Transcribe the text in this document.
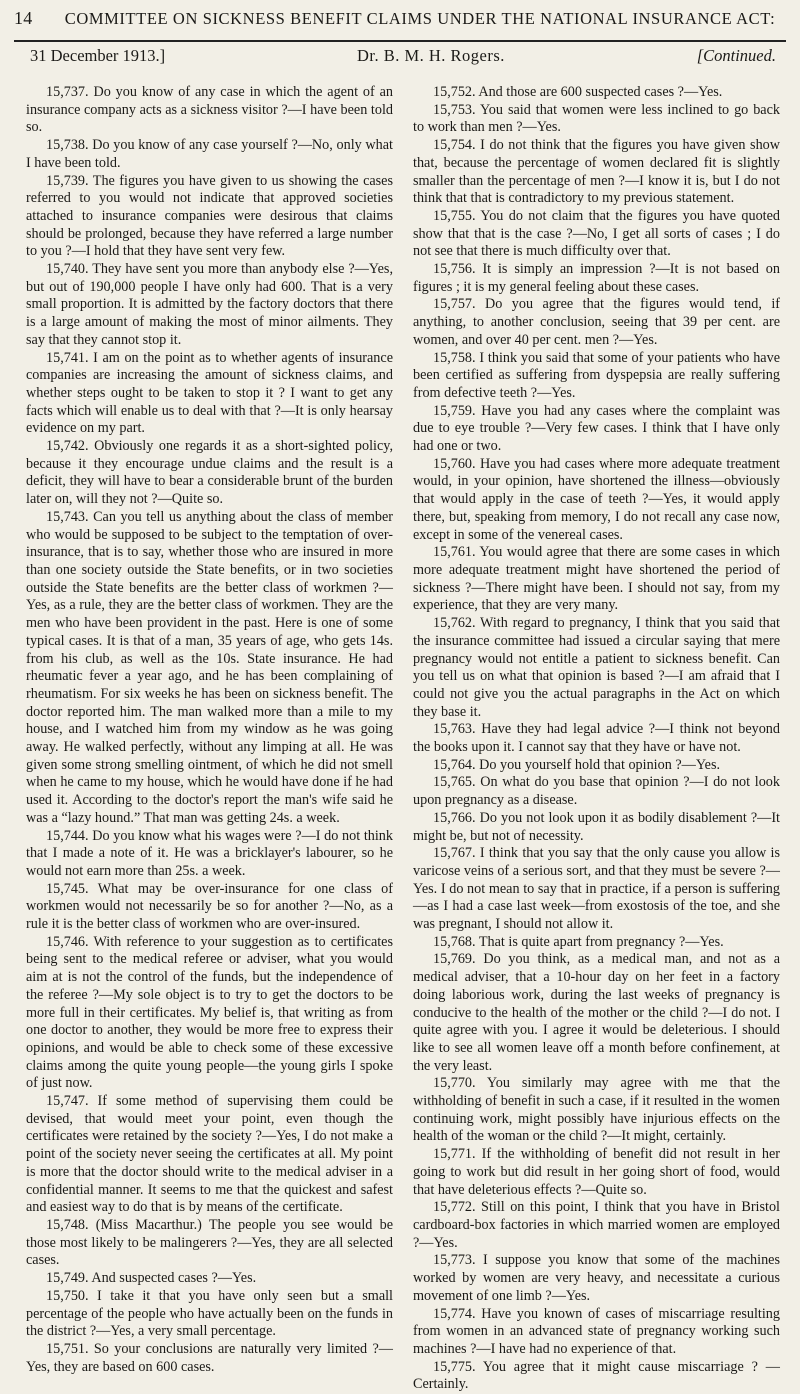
14	COMMITTEE ON SICKNESS BENEFIT CLAIMS UNDER THE NATIONAL INSURANCE ACT:
31 December 1913.]	Dr. B. M. H. Rogers.	[Continued.

15,737. Do you know of any case in which the agent of an insurance company acts as a sickness visitor ?—I have been told so.

15,738. Do you know of any case yourself ?—No, only what I have been told.

15,739. The figures you have given to us showing the cases referred to you would not indicate that approved societies attached to insurance companies were desirous that claims should be prolonged, because they have referred a large number to you ?—I hold that they have sent very few.

15,740. They have sent you more than anybody else ?—Yes, but out of 190,000 people I have only had 600. That is a very small proportion. It is admitted by the factory doctors that there is a large amount of making the most of minor ailments. They say that they cannot stop it.

15,741. I am on the point as to whether agents of insurance companies are increasing the amount of sickness claims, and whether steps ought to be taken to stop it ? I want to get any facts which will enable us to deal with that ?—It is only hearsay evidence on my part.

15,742. Obviously one regards it as a short-sighted policy, because it they encourage undue claims and the result is a deficit, they will have to bear a considerable brunt of the burden later on, will they not ?—Quite so.

15,743. Can you tell us anything about the class of member who would be supposed to be subject to the temptation of over-insurance, that is to say, whether those who are insured in more than one society outside the State benefits, or in two societies outside the State benefits are the better class of workmen ?—Yes, as a rule, they are the better class of workmen. They are the men who have been provident in the past. Here is one of some typical cases. It is that of a man, 35 years of age, who gets 14s. from his club, as well as the 10s. State insurance. He had rheumatic fever a year ago, and he has been complaining of rheumatism. For six weeks he has been on sickness benefit. The doctor reported him. The man walked more than a mile to my house, and I watched him from my window as he was going away. He walked perfectly, without any limping at all. He was given some strong smelling ointment, of which he did not smell when he came to my house, which he would have done if he had used it. According to the doctor's report the man's wife said he was a “lazy hound.” That man was getting 24s. a week.

15,744. Do you know what his wages were ?—I do not think that I made a note of it. He was a bricklayer's labourer, so he would not earn more than 25s. a week.

15,745. What may be over-insurance for one class of workmen would not necessarily be so for another ?—No, as a rule it is the better class of workmen who are over-insured.

15,746. With reference to your suggestion as to certificates being sent to the medical referee or adviser, what you would aim at is not the control of the funds, but the independence of the referee ?—My sole object is to try to get the doctors to be more full in their certificates. My belief is, that writing as from one doctor to another, they would be more free to express their opinions, and would be able to check some of these excessive claims among the quite young people—the young girls I spoke of just now.

15,747. If some method of supervising them could be devised, that would meet your point, even though the certificates were retained by the society ?—Yes, I do not make a point of the society never seeing the certificates at all. My point is more that the doctor should write to the medical adviser in a confidential manner. It seems to me that the quickest and safest and easiest way to do that is by means of the certificate.

15,748. (Miss Macarthur.) The people you see would be those most likely to be malingerers ?—Yes, they are all selected cases.

15,749. And suspected cases ?—Yes.

15,750. I take it that you have only seen but a small percentage of the people who have actually been on the funds in the district ?—Yes, a very small percentage.

15,751. So your conclusions are naturally very limited ?—Yes, they are based on 600 cases.

15,752. And those are 600 suspected cases ?—Yes.

15,753. You said that women were less inclined to go back to work than men ?—Yes.

15,754. I do not think that the figures you have given show that, because the percentage of women declared fit is slightly smaller than the percentage of men ?—I know it is, but I do not think that that is contradictory to my previous statement.

15,755. You do not claim that the figures you have quoted show that that is the case ?—No, I get all sorts of cases ; I do not see that there is much difficulty over that.

15,756. It is simply an impression ?—It is not based on figures ; it is my general feeling about these cases.

15,757. Do you agree that the figures would tend, if anything, to another conclusion, seeing that 39 per cent. are women, and over 40 per cent. men ?—Yes.

15,758. I think you said that some of your patients who have been certified as suffering from dyspepsia are really suffering from defective teeth ?—Yes.

15,759. Have you had any cases where the complaint was due to eye trouble ?—Very few cases. I think that I have only had one or two.

15,760. Have you had cases where more adequate treatment would, in your opinion, have shortened the illness—obviously that would apply in the case of teeth ?—Yes, it would apply there, but, speaking from memory, I do not recall any case now, except in some of the venereal cases.

15,761. You would agree that there are some cases in which more adequate treatment might have shortened the period of sickness ?—There might have been. I should not say, from my experience, that they are very many.

15,762. With regard to pregnancy, I think that you said that the insurance committee had issued a circular saying that mere pregnancy would not entitle a patient to sickness benefit. Can you tell us on what that opinion is based ?—I am afraid that I could not give you the actual paragraphs in the Act on which they base it.

15,763. Have they had legal advice ?—I think not beyond the books upon it. I cannot say that they have or have not.

15,764. Do you yourself hold that opinion ?—Yes.

15,765. On what do you base that opinion ?—I do not look upon pregnancy as a disease.

15,766. Do you not look upon it as bodily disablement ?—It might be, but not of necessity.

15,767. I think that you say that the only cause you allow is varicose veins of a serious sort, and that they must be severe ?—Yes. I do not mean to say that in practice, if a person is suffering—as I had a case last week—from exostosis of the toe, and she was pregnant, I should not allow it.

15,768. That is quite apart from pregnancy ?—Yes.

15,769. Do you think, as a medical man, and not as a medical adviser, that a 10-hour day on her feet in a factory doing laborious work, during the last weeks of pregnancy is conducive to the health of the mother or the child ?—I do not. I quite agree with you. I agree it would be deleterious. I should like to see all women leave off a month before confinement, at the very least.

15,770. You similarly may agree with me that the withholding of benefit in such a case, if it resulted in the women continuing work, might possibly have injurious effects on the health of the woman or the child ?—It might, certainly.

15,771. If the withholding of benefit did not result in her going to work but did result in her going short of food, would that have deleterious effects ?—Quite so.

15,772. Still on this point, I think that you have in Bristol cardboard-box factories in which married women are employed ?—Yes.

15,773. I suppose you know that some of the machines worked by women are very heavy, and necessitate a curious movement of one limb ?—Yes.

15,774. Have you known of cases of miscarriage resulting from women in an advanced state of pregnancy working such machines ?—I have had no experience of that.

15,775. You agree that it might cause miscarriage ? —Certainly.
